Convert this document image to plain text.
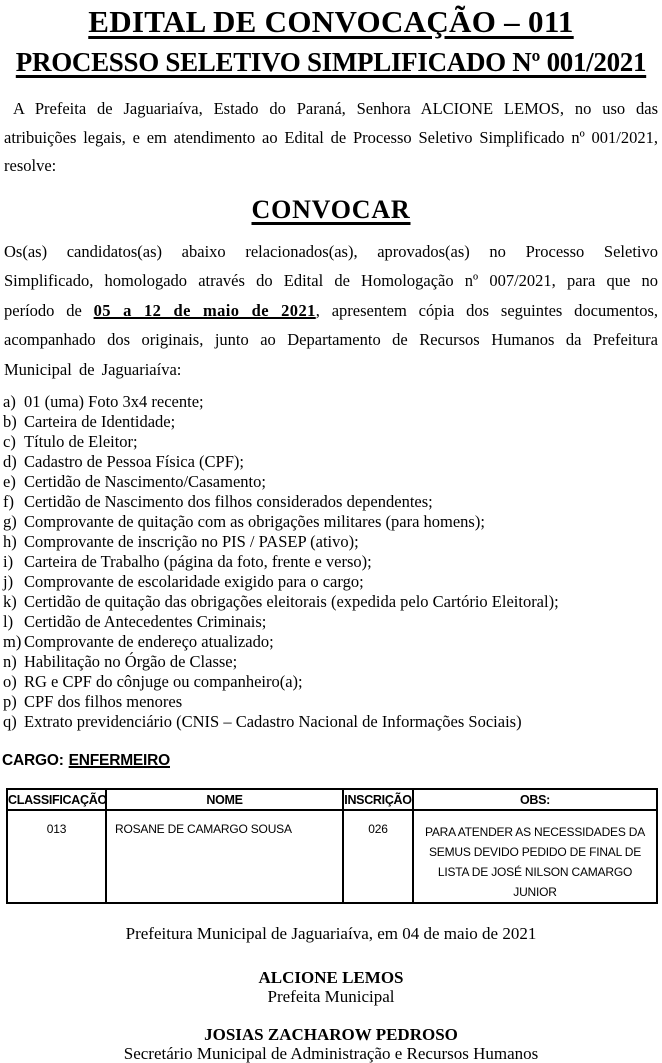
EDITAL DE CONVOCAÇÃO – 011
PROCESSO SELETIVO SIMPLIFICADO Nº 001/2021

A Prefeita de Jaguariaíva, Estado do Paraná, Senhora ALCIONE LEMOS, no uso das atribuições legais, e em atendimento ao Edital de Processo Seletivo Simplificado nº 001/2021, resolve:

CONVOCAR

Os(as) candidatos(as) abaixo relacionados(as), aprovados(as) no Processo Seletivo Simplificado, homologado através do Edital de Homologação nº 007/2021, para que no período de 05 a 12 de maio de 2021, apresentem cópia dos seguintes documentos, acompanhado dos originais, junto ao Departamento de Recursos Humanos da Prefeitura Municipal de Jaguariaíva:

a) 01 (uma) Foto 3x4 recente;
b) Carteira de Identidade;
c) Título de Eleitor;
d) Cadastro de Pessoa Física (CPF);
e) Certidão de Nascimento/Casamento;
f) Certidão de Nascimento dos filhos considerados dependentes;
g) Comprovante de quitação com as obrigações militares (para homens);
h) Comprovante de inscrição no PIS / PASEP (ativo);
i) Carteira de Trabalho (página da foto, frente e verso);
j) Comprovante de escolaridade exigido para o cargo;
k) Certidão de quitação das obrigações eleitorais (expedida pelo Cartório Eleitoral);
l) Certidão de Antecedentes Criminais;
m) Comprovante de endereço atualizado;
n) Habilitação no Órgão de Classe;
o) RG e CPF do cônjuge ou companheiro(a);
p) CPF dos filhos menores
q) Extrato previdenciário (CNIS – Cadastro Nacional de Informações Sociais)

CARGO: ENFERMEIRO

CLASSIFICAÇÃO	NOME	INSCRIÇÃO	OBS:
013	ROSANE DE CAMARGO SOUSA	026	PARA ATENDER AS NECESSIDADES DA SEMUS DEVIDO PEDIDO DE FINAL DE LISTA DE JOSÉ NILSON CAMARGO JUNIOR

Prefeitura Municipal de Jaguariaíva, em 04 de maio de 2021

ALCIONE LEMOS
Prefeita Municipal
JOSIAS ZACHAROW PEDROSO
Secretário Municipal de Administração e Recursos Humanos
